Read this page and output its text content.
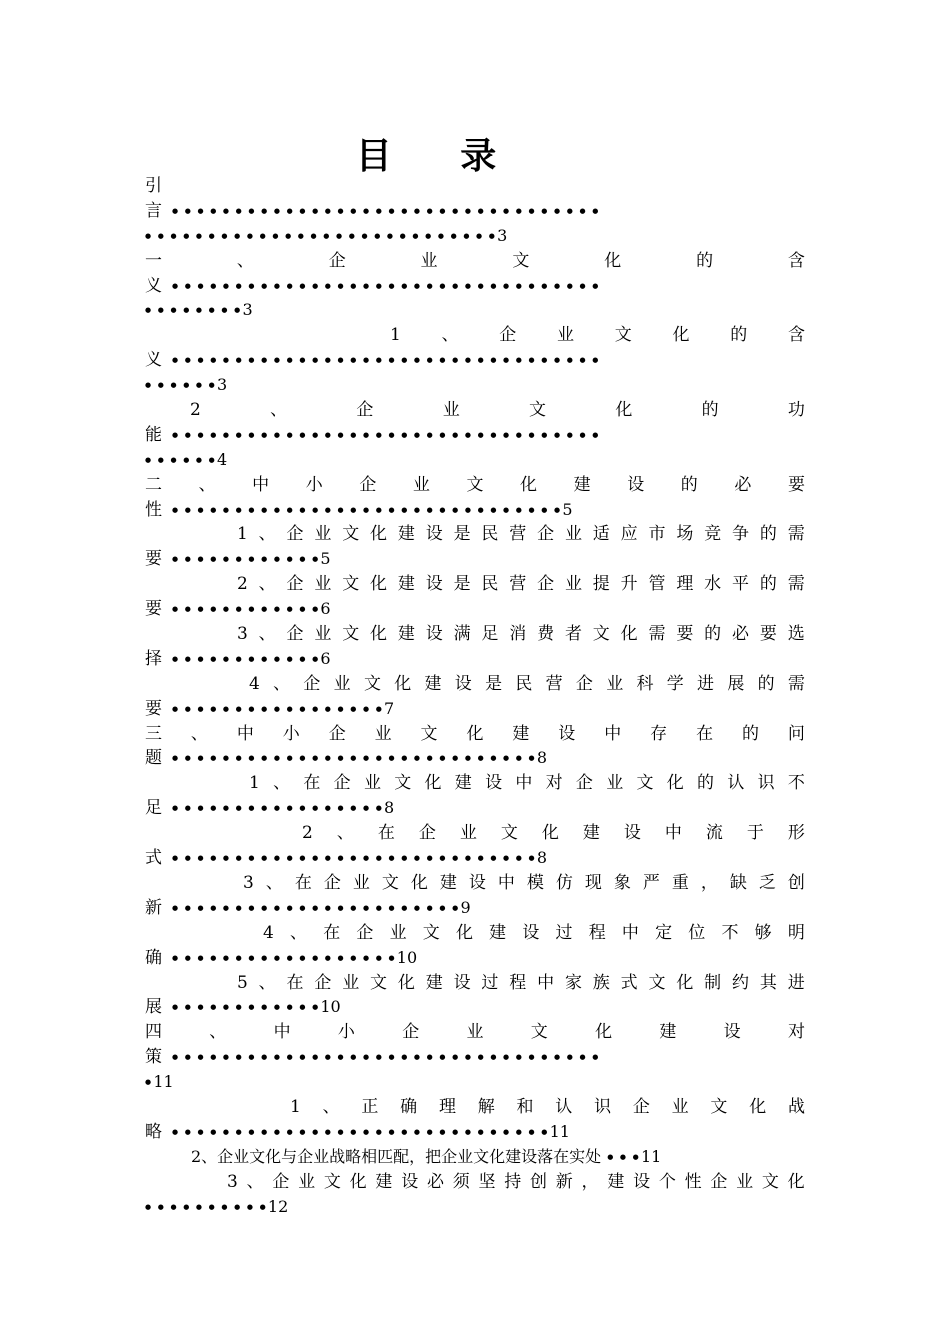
目 录
引
言 ● ● ● ● ● ● ● ● ● ● ● ● ● ● ● ● ● ● ● ● ● ● ● ● ● ● ● ● ● ● ● ● ● ●
● ● ● ● ● ● ● ● ● ● ● ● ● ● ● ● ● ● ● ● ● ● ● ● ● ● ● ● 3
一	、	企	业	文	化	的	含
义 ● ● ● ● ● ● ● ● ● ● ● ● ● ● ● ● ● ● ● ● ● ● ● ● ● ● ● ● ● ● ● ● ● ●
● ● ● ● ● ● ● ● 3
1 、 企 业 文 化 的 含
义 ● ● ● ● ● ● ● ● ● ● ● ● ● ● ● ● ● ● ● ● ● ● ● ● ● ● ● ● ● ● ● ● ● ●
● ● ● ● ● ● 3
2	、	企	业	文	化	的	功
能 ● ● ● ● ● ● ● ● ● ● ● ● ● ● ● ● ● ● ● ● ● ● ● ● ● ● ● ● ● ● ● ● ● ●
● ● ● ● ● ● 4
二 、 中 小 企 业 文 化 建 设 的 必 要
性 ● ● ● ● ● ● ● ● ● ● ● ● ● ● ● ● ● ● ● ● ● ● ● ● ● ● ● ● ● ● ● 5
1 、 企 业 文 化 建 设 是 民 营 企 业 适 应 市 场 竞 争 的 需
要 ● ● ● ● ● ● ● ● ● ● ● ● 5
2 、 企 业 文 化 建 设 是 民 营 企 业 提 升 管 理 水 平 的 需
要 ● ● ● ● ● ● ● ● ● ● ● ● 6
3 、 企 业 文 化 建 设 满 足 消 费 者 文 化 需 要 的 必 要 选
择 ● ● ● ● ● ● ● ● ● ● ● ● 6
4 、 企 业 文 化 建 设 是 民 营 企 业 科 学 进 展 的 需
要 ● ● ● ● ● ● ● ● ● ● ● ● ● ● ● ● ● 7
三 、 中 小 企 业 文 化 建 设 中 存 在 的 问
题 ● ● ● ● ● ● ● ● ● ● ● ● ● ● ● ● ● ● ● ● ● ● ● ● ● ● ● ● ● 8
1 、 在 企 业 文 化 建 设 中 对 企 业 文 化 的 认 识 不
足 ● ● ● ● ● ● ● ● ● ● ● ● ● ● ● ● ● 8
2 、 在 企 业 文 化 建 设 中 流 于 形
式 ● ● ● ● ● ● ● ● ● ● ● ● ● ● ● ● ● ● ● ● ● ● ● ● ● ● ● ● ● 8
3 、 在 企 业 文 化 建 设 中 模 仿 现 象 严 重 ， 缺 乏 创
新 ● ● ● ● ● ● ● ● ● ● ● ● ● ● ● ● ● ● ● ● ● ● ● 9
4 、 在 企 业 文 化 建 设 过 程 中 定 位 不 够 明
确 ● ● ● ● ● ● ● ● ● ● ● ● ● ● ● ● ● ● 10
5 、 在 企 业 文 化 建 设 过 程 中 家 族 式 文 化 制 约 其 进
展 ● ● ● ● ● ● ● ● ● ● ● ● 10
四	、	中	小	企	业	文	化	建	设	对
策 ● ● ● ● ● ● ● ● ● ● ● ● ● ● ● ● ● ● ● ● ● ● ● ● ● ● ● ● ● ● ● ● ● ●
● 11
1 、 正 确 理 解 和 认 识 企 业 文 化 战
略 ● ● ● ● ● ● ● ● ● ● ● ● ● ● ● ● ● ● ● ● ● ● ● ● ● ● ● ● ● ● 11
2、企业文化与企业战略相匹配，把企业文化建设落在实处 ● ● ● 11
3 、 企 业 文 化 建 设 必 须 坚 持 创 新 ， 建 设 个 性 企 业 文 化
● ● ● ● ● ● ● ● ● ● 12
